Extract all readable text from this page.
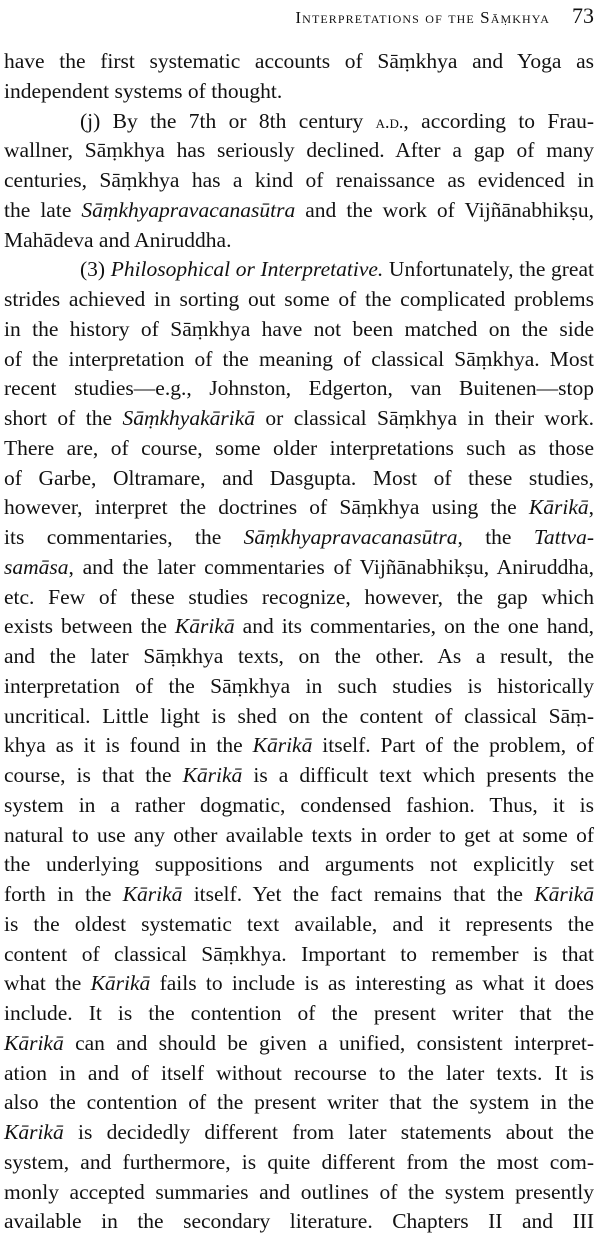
Interpretations of the Sāṃkhya 73
have the first systematic accounts of Sāṃkhya and Yoga as
independent systems of thought.
(j) By the 7th or 8th century a.d., according to Frau-
wallner, Sāṃkhya has seriously declined. After a gap of many
centuries, Sāṃkhya has a kind of renaissance as evidenced in
the late Sāṃkhyapravacanasūtra and the work of Vijñānabhikṣu,
Mahādeva and Aniruddha.
(3) Philosophical or Interpretative. Unfortunately, the great
strides achieved in sorting out some of the complicated problems
in the history of Sāṃkhya have not been matched on the side
of the interpretation of the meaning of classical Sāṃkhya. Most
recent studies—e.g., Johnston, Edgerton, van Buitenen—stop
short of the Sāṃkhyakārikā or classical Sāṃkhya in their work.
There are, of course, some older interpretations such as those
of Garbe, Oltramare, and Dasgupta. Most of these studies,
however, interpret the doctrines of Sāṃkhya using the Kārikā,
its commentaries, the Sāṃkhyapravacanasūtra, the Tattva-
samāsa, and the later commentaries of Vijñānabhikṣu, Aniruddha,
etc. Few of these studies recognize, however, the gap which
exists between the Kārikā and its commentaries, on the one hand,
and the later Sāṃkhya texts, on the other. As a result, the
interpretation of the Sāṃkhya in such studies is historically
uncritical. Little light is shed on the content of classical Sāṃ-
khya as it is found in the Kārikā itself. Part of the problem, of
course, is that the Kārikā is a difficult text which presents the
system in a rather dogmatic, condensed fashion. Thus, it is
natural to use any other available texts in order to get at some of
the underlying suppositions and arguments not explicitly set
forth in the Kārikā itself. Yet the fact remains that the Kārikā
is the oldest systematic text available, and it represents the
content of classical Sāṃkhya. Important to remember is that
what the Kārikā fails to include is as interesting as what it does
include. It is the contention of the present writer that the
Kārikā can and should be given a unified, consistent interpret-
ation in and of itself without recourse to the later texts. It is
also the contention of the present writer that the system in the
Kārikā is decidedly different from later statements about the
system, and furthermore, is quite different from the most com-
monly accepted summaries and outlines of the system presently
available in the secondary literature. Chapters II and III
